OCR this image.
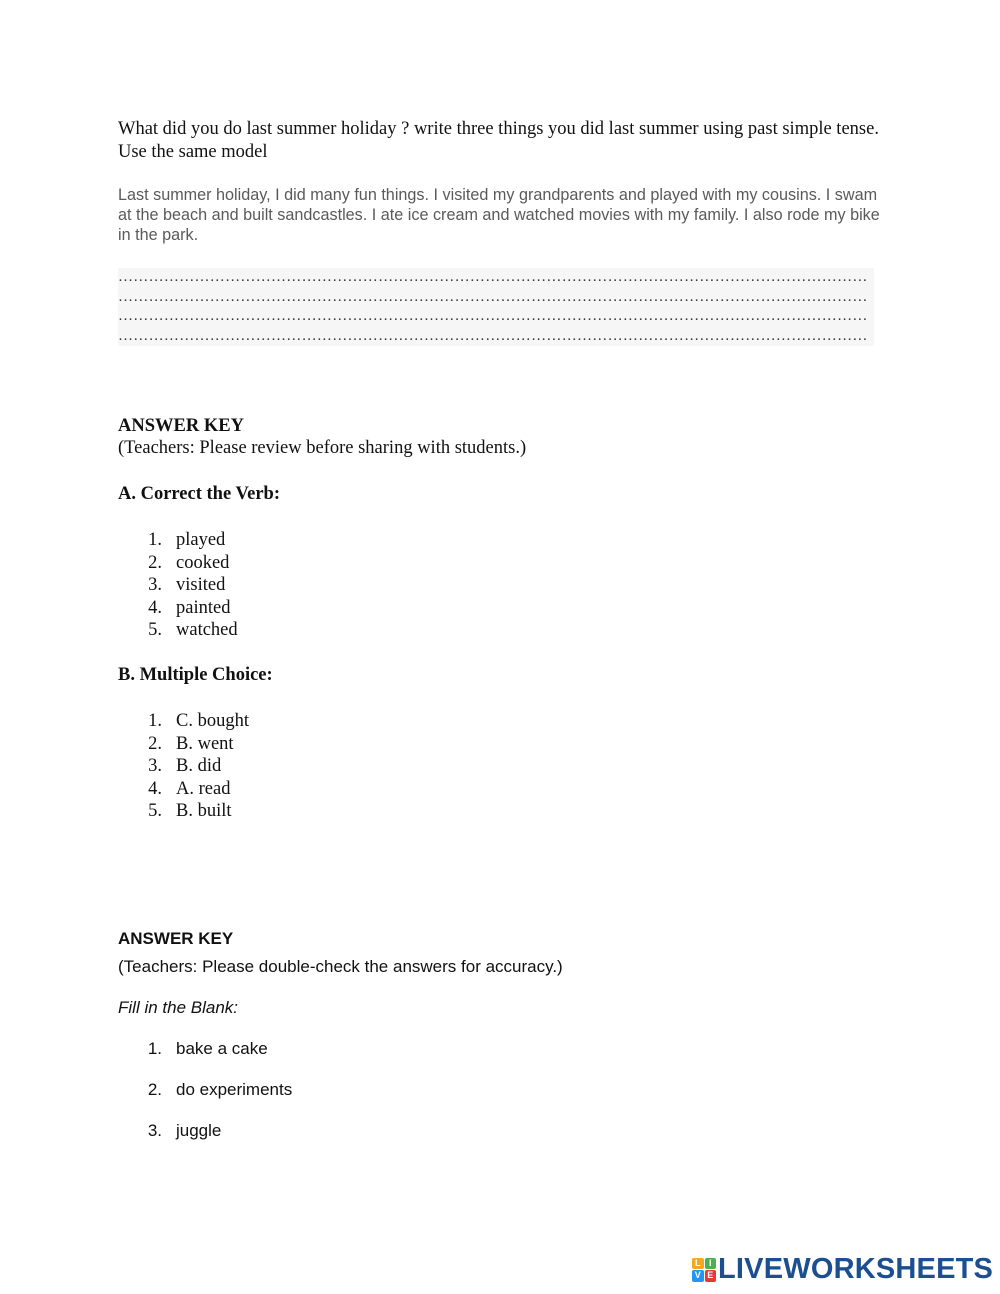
What did you do last summer holiday ? write three things you did last summer using past simple tense. Use the same model
Last summer holiday, I did many fun things. I visited my grandparents and played with my cousins. I swam at the beach and built sandcastles. I ate ice cream and watched movies with my family. I also rode my bike in the park.
…………………………………………………………………………………………………………………………………
…………………………………………………………………………………………………………………………………
…………………………………………………………………………………………………………………………………
…………………………………………………………………………………………………………………………………
ANSWER KEY
(Teachers: Please review before sharing with students.)
A. Correct the Verb:
1. played
2. cooked
3. visited
4. painted
5. watched
B. Multiple Choice:
1. C. bought
2. B. went
3. B. did
4. A. read
5. B. built
ANSWER KEY
(Teachers: Please double-check the answers for accuracy.)
Fill in the Blank:
1. bake a cake
2. do experiments
3. juggle
L I
V E LIVEWORKSHEETS
